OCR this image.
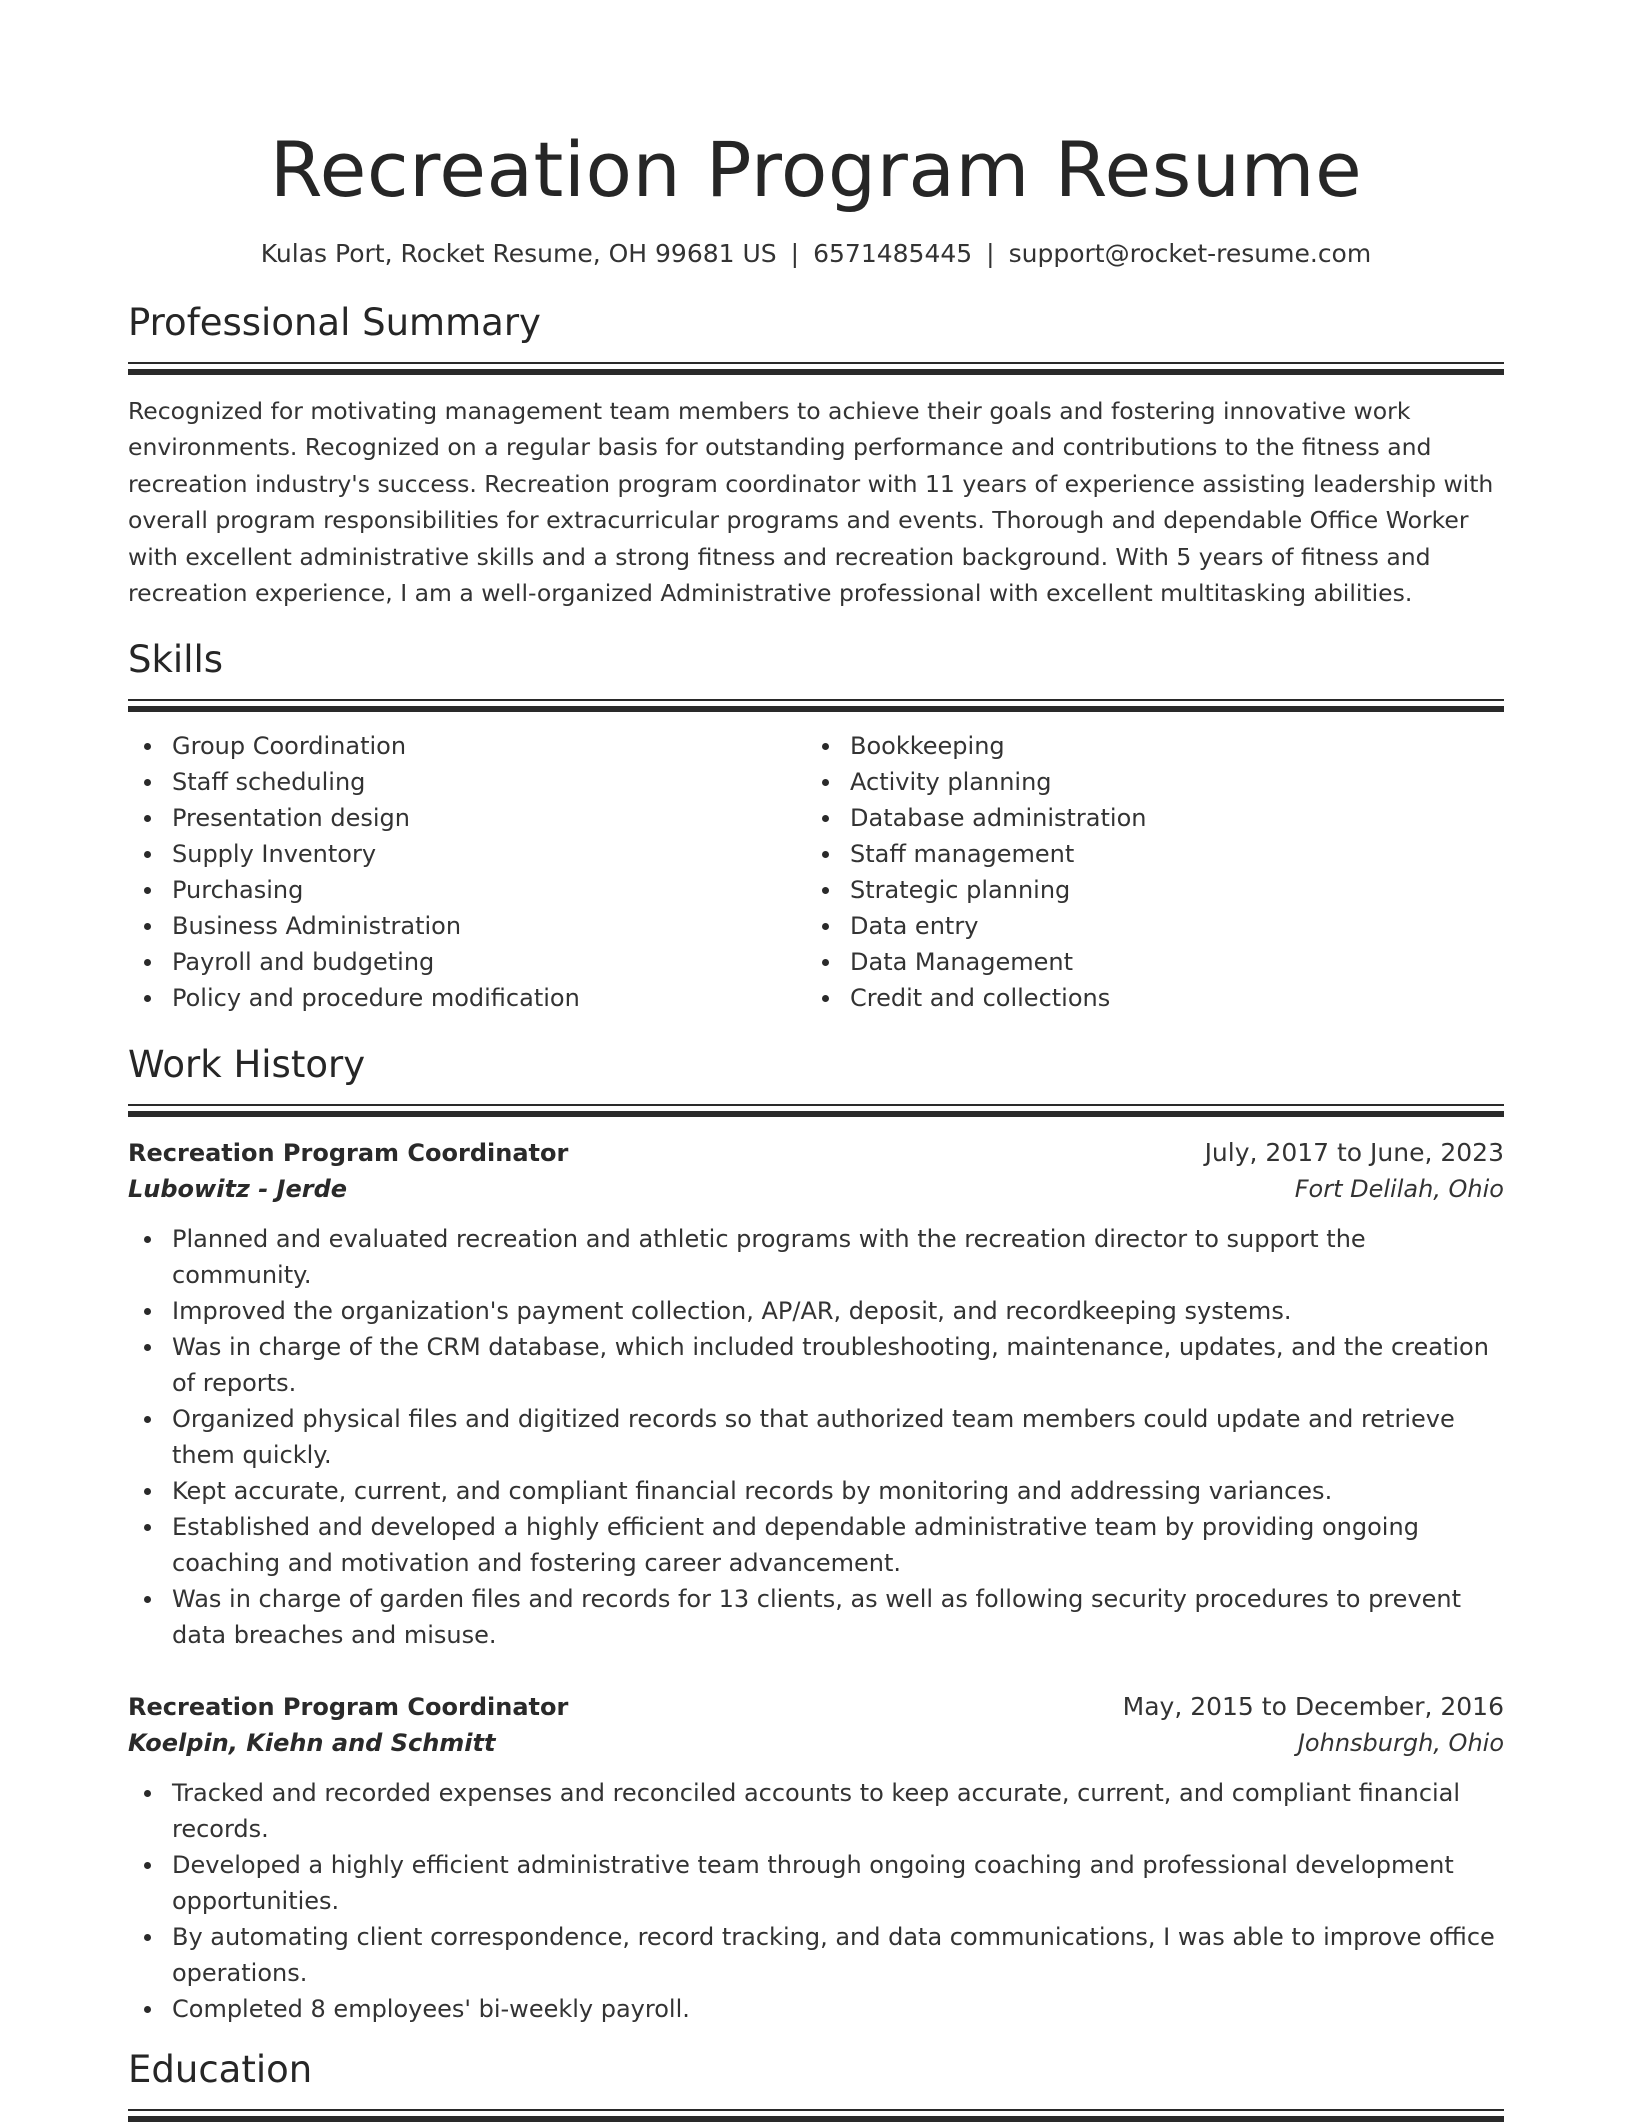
Recreation Program Resume
Kulas Port, Rocket Resume, OH 99681 US | 6571485445 | support@rocket-resume.com
Professional Summary

Recognized for motivating management team members to achieve their goals and fostering innovative work environments. Recognized on a regular basis for outstanding performance and contributions to the fitness and recreation industry's success. Recreation program coordinator with 11 years of experience assisting leadership with overall program responsibilities for extracurricular programs and events. Thorough and dependable Office Worker with excellent administrative skills and a strong fitness and recreation background. With 5 years of fitness and recreation experience, I am a well-organized Administrative professional with excellent multitasking abilities.

Skills
Group Coordination
Staff scheduling
Presentation design
Supply Inventory
Purchasing
Business Administration
Payroll and budgeting
Policy and procedure modification
Bookkeeping
Activity planning
Database administration
Staff management
Strategic planning
Data entry
Data Management
Credit and collections
Work History
Recreation Program Coordinator	July, 2017 to June, 2023
Lubowitz - Jerde	Fort Delilah, Ohio
Planned and evaluated recreation and athletic programs with the recreation director to support the community.
Improved the organization's payment collection, AP/AR, deposit, and recordkeeping systems.
Was in charge of the CRM database, which included troubleshooting, maintenance, updates, and the creation of reports.
Organized physical files and digitized records so that authorized team members could update and retrieve them quickly.
Kept accurate, current, and compliant financial records by monitoring and addressing variances.
Established and developed a highly efficient and dependable administrative team by providing ongoing coaching and motivation and fostering career advancement.
Was in charge of garden files and records for 13 clients, as well as following security procedures to prevent data breaches and misuse.
Recreation Program Coordinator	May, 2015 to December, 2016
Koelpin, Kiehn and Schmitt	Johnsburgh, Ohio
Tracked and recorded expenses and reconciled accounts to keep accurate, current, and compliant financial records.
Developed a highly efficient administrative team through ongoing coaching and professional development opportunities.
By automating client correspondence, record tracking, and data communications, I was able to improve office operations.
Completed 8 employees' bi-weekly payroll.
Education
